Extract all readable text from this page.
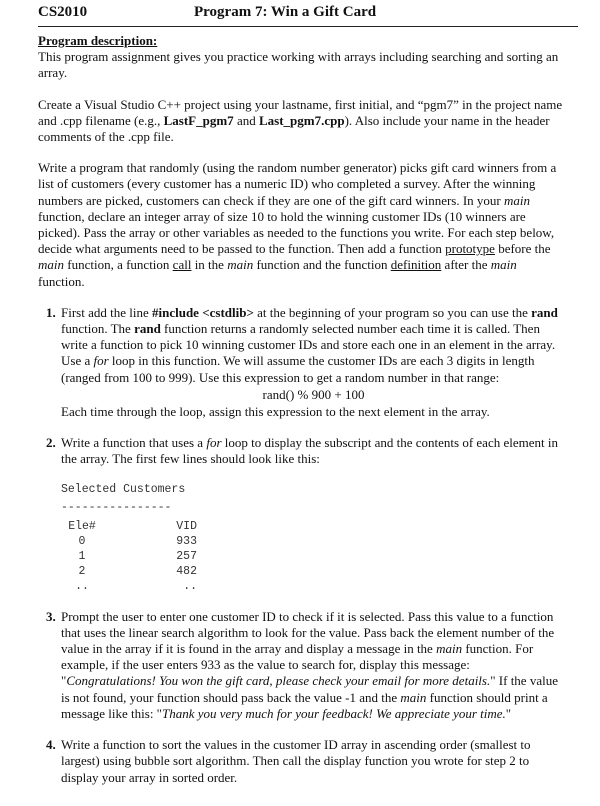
CS2010	Program 7: Win a Gift Card

Program description:

This program assignment gives you practice working with arrays including searching and sorting an array.

Create a Visual Studio C++ project using your lastname, first initial, and “pgm7” in the project name and .cpp filename (e.g., LastF_pgm7 and Last_pgm7.cpp). Also include your name in the header comments of the .cpp file.

Write a program that randomly (using the random number generator) picks gift card winners from a list of customers (every customer has a numeric ID) who completed a survey. After the winning numbers are picked, customers can check if they are one of the gift card winners. In your main function, declare an integer array of size 10 to hold the winning customer IDs (10 winners are picked). Pass the array or other variables as needed to the functions you write. For each step below, decide what arguments need to be passed to the function. Then add a function prototype before the main function, a function call in the main function and the function definition after the main function.

1. First add the line #include <cstdlib> at the beginning of your program so you can use the rand function. The rand function returns a randomly selected number each time it is called. Then write a function to pick 10 winning customer IDs and store each one in an element in the array. Use a for loop in this function. We will assume the customer IDs are each 3 digits in length (ranged from 100 to 999). Use this expression to get a random number in that range:

rand() % 900 + 100

Each time through the loop, assign this expression to the next element in the array.

2. Write a function that uses a for loop to display the subscript and the contents of each element in the array. The first few lines should look like this:

Selected Customers
----------------
Ele#	VID
0	933
1	257
2	482
..	..

3. Prompt the user to enter one customer ID to check if it is selected. Pass this value to a function that uses the linear search algorithm to look for the value. Pass back the element number of the value in the array if it is found in the array and display a message in the main function. For example, if the user enters 933 as the value to search for, display this message: "Congratulations! You won the gift card, please check your email for more details." If the value is not found, your function should pass back the value -1 and the main function should print a message like this: "Thank you very much for your feedback! We appreciate your time."

4. Write a function to sort the values in the customer ID array in ascending order (smallest to largest) using bubble sort algorithm. Then call the display function you wrote for step 2 to display your array in sorted order.
